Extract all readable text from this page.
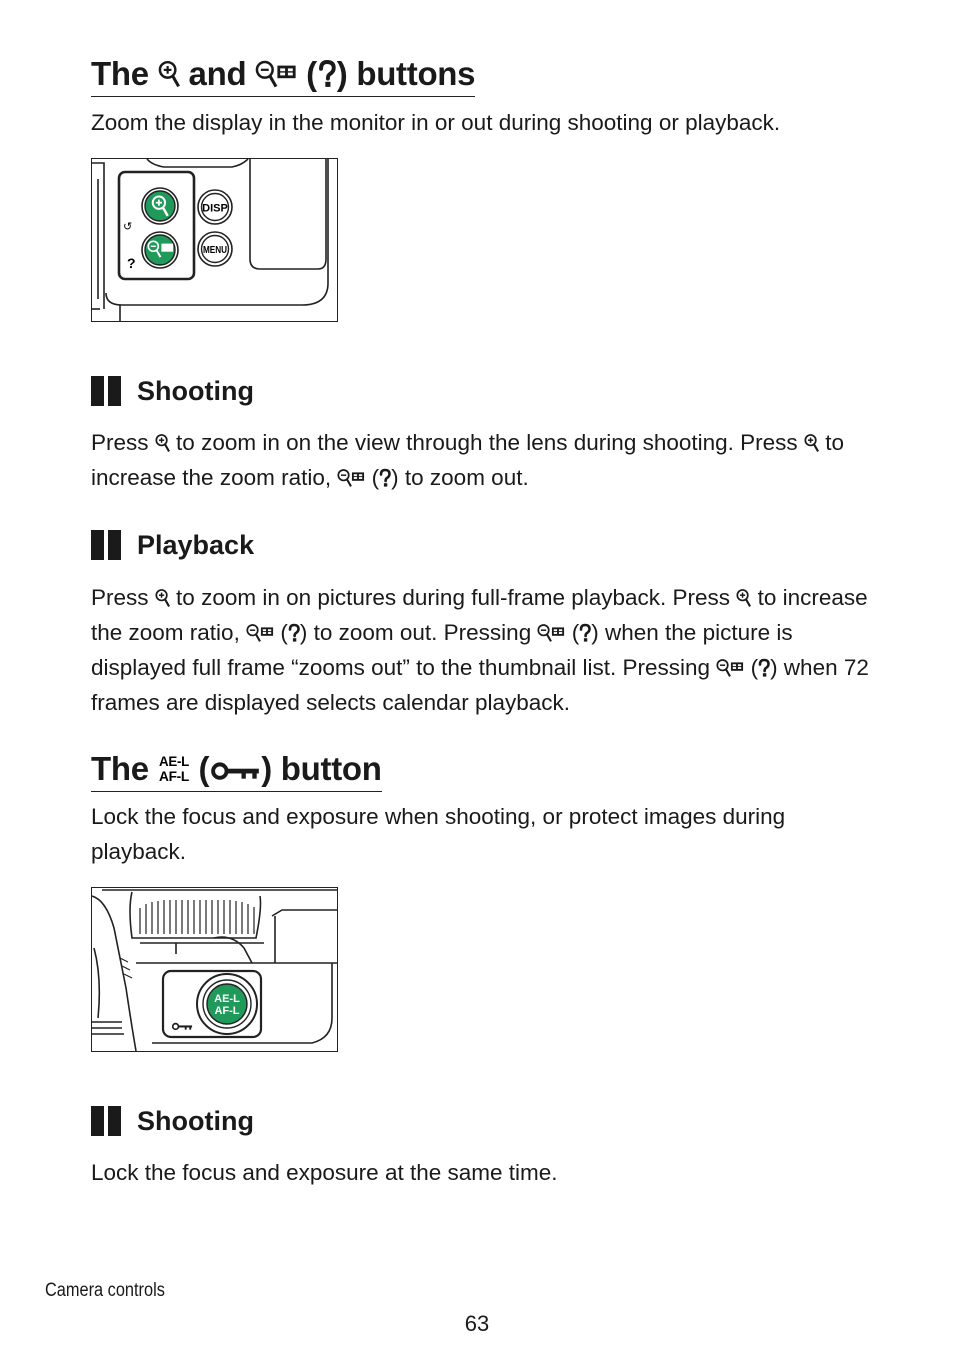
The and ( ) buttons

Zoom the display in the monitor in or out during shooting or playback.

DISP
MENU
↺
?
Shooting

Press to zoom in on the view through the lens during shooting. Press to increase the zoom ratio, ( ) to zoom out.

Playback

Press to zoom in on pictures during full-frame playback. Press to increase the zoom ratio, ( ) to zoom out. Pressing ( ) when the picture is displayed full frame “zooms out” to the thumbnail list. Pressing ( ) when 72 frames are displayed selects calendar playback.

The AE-L
AF-L ( ) button

Lock the focus and exposure when shooting, or protect images during playback.

AE-L
AF-L
Shooting

Lock the focus and exposure at the same time.

Camera controls
63
